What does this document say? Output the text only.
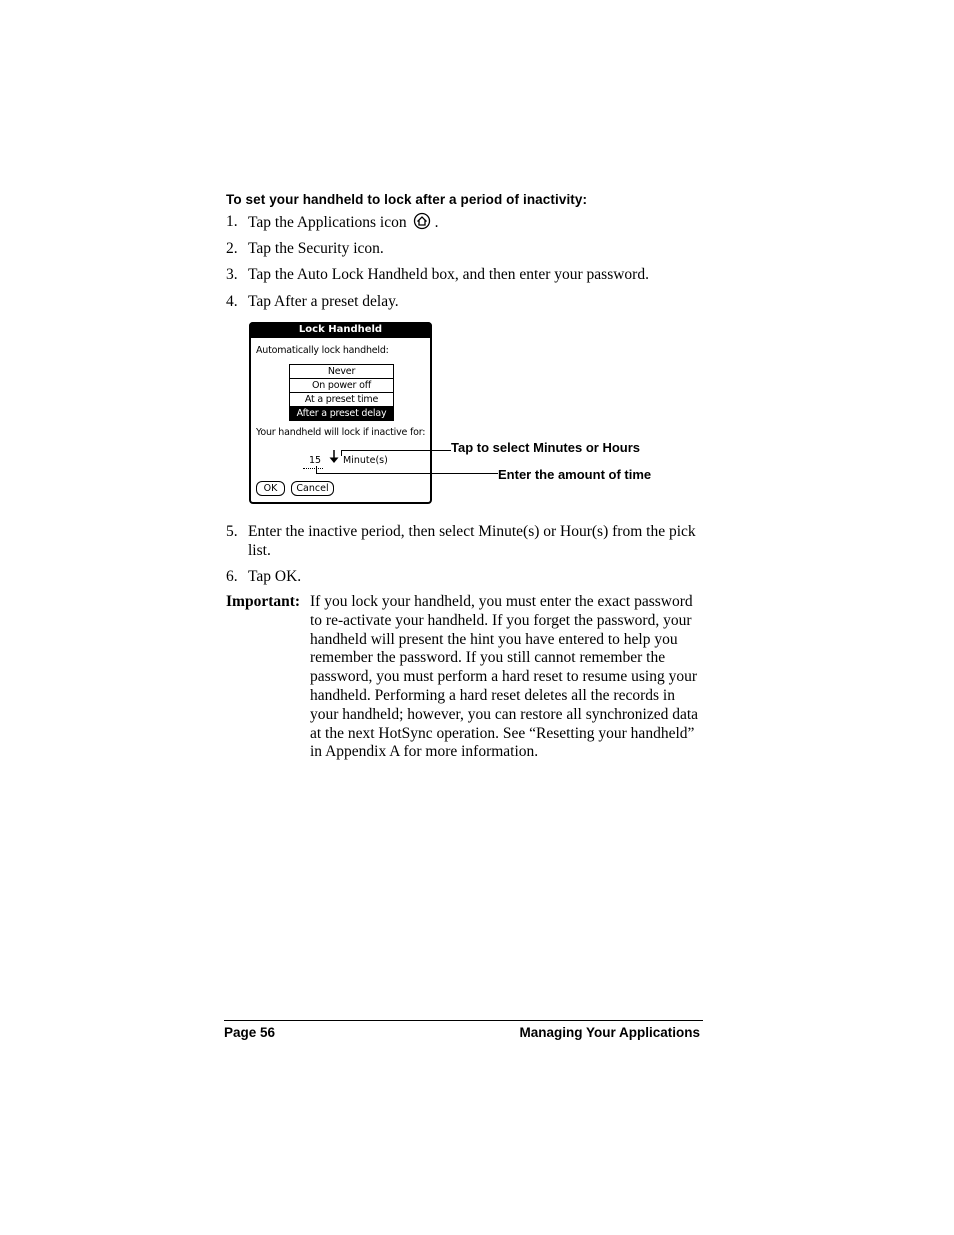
To set your handheld to lock after a period of inactivity:
1. Tap the Applications icon .
2. Tap the Security icon.
3. Tap the Auto Lock Handheld box, and then enter your password.
4. Tap After a preset delay.
Lock Handheld
Automatically lock handheld:
Never
On power off
At a preset time
After a preset delay
Your handheld will lock if inactive for:
15 Minute(s)
OK	Cancel
Tap to select Minutes or Hours
Enter the amount of time
5. Enter the inactive period, then select Minute(s) or Hour(s) from the pick list.
6. Tap OK.
Important: If you lock your handheld, you must enter the exact password to re-activate your handheld. If you forget the password, your handheld will present the hint you have entered to help you remember the password. If you still cannot remember the password, you must perform a hard reset to resume using your handheld. Performing a hard reset deletes all the records in your handheld; however, you can restore all synchronized data at the next HotSync operation. See “Resetting your handheld” in Appendix A for more information.
Page 56	Managing Your Applications
